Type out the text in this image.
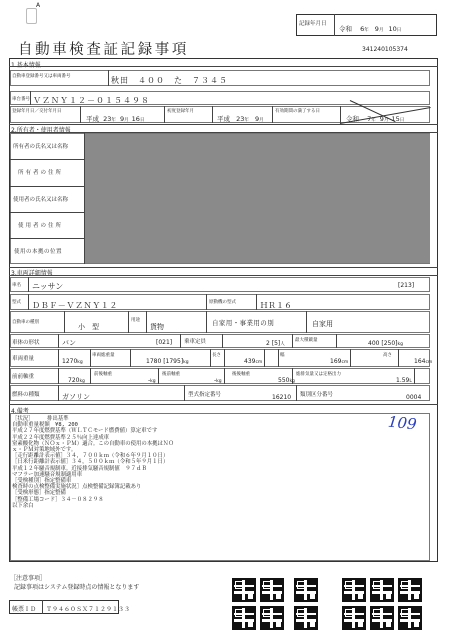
A
記録年月日
令和 6年 9月 10日
自動車検査証記録事項	341240105374
1.基本情報
自動車登録番号又は車両番号	秋田　４００　た　７３４５
車台番号 ＶＺＮＹ１２－０１５４９８
登録年月日／交付年月日
平成 23年 9月 16日
初度登録年月
平成 23年 9月
有効期間の満了する日
令和 7年 9月 15日
2.所有者・使用者情報
所有者の氏名又は名称
所有者の住所
使用者の氏名又は名称
使用者の住所
使用の本拠の位置
3.車両詳細情報
車名 ニッサン	[213]
型式 ＤＢＦ－ＶＺＮＹ１２	原動機の型式	ＨＲ１６
自動車の種別
小　型
用途
貨物	自家用・事業用の別	自家用
車体の形状	バン	[021] 乗車定員	2 [5]人
最大積載量	400 [250]kg
車両重量	1270kg
車両総重量
1780 [1795]kg
長さ
439cm
幅
169cm
高さ
164cm
前前軸重	720kg
前後軸重
-kg
後前軸重
-kg
後後軸重
550kg
総排気量又は定格出力
1.59L
燃料の種類	ガソリン	型式指定番号	16210 類別区分番号	0004
4.備考
109
［状況］　　　排出基準
自動車重量税額　¥8, 200
平成２７年度燃費基準（ＷＬＴＣモード燃費値）算定車です
平成２２年度燃費基準２５％向上達成車
窒素酸化物（ＮＯｘ・ＰＭ）適合。この自動車の使用の本拠はＮＯ
ｘ・ＰＭ対策地域外です。
［走行距離計表示値］３４，７００ｋｍ（令和６年９月１０日）
［日米行距離計表示値］３４，５００ｋｍ（令和５年９月１日）
平成１２年騒音規制車。近接排気騒音規制値　９７ｄＢ
マフラー加速騒音規制適用車
［受検種別］指定整備車
検査時の点検整備実施状況］点検整備記録簿記載あり
［受検形態］指定整備
［整備工場コード］３４－０８２９８
以下余白
［注意事項］
記録事項はシステム登録時点の情報となります
帳票ＩＤ Ｔ９４６０ＳＸ７１２９１３３
